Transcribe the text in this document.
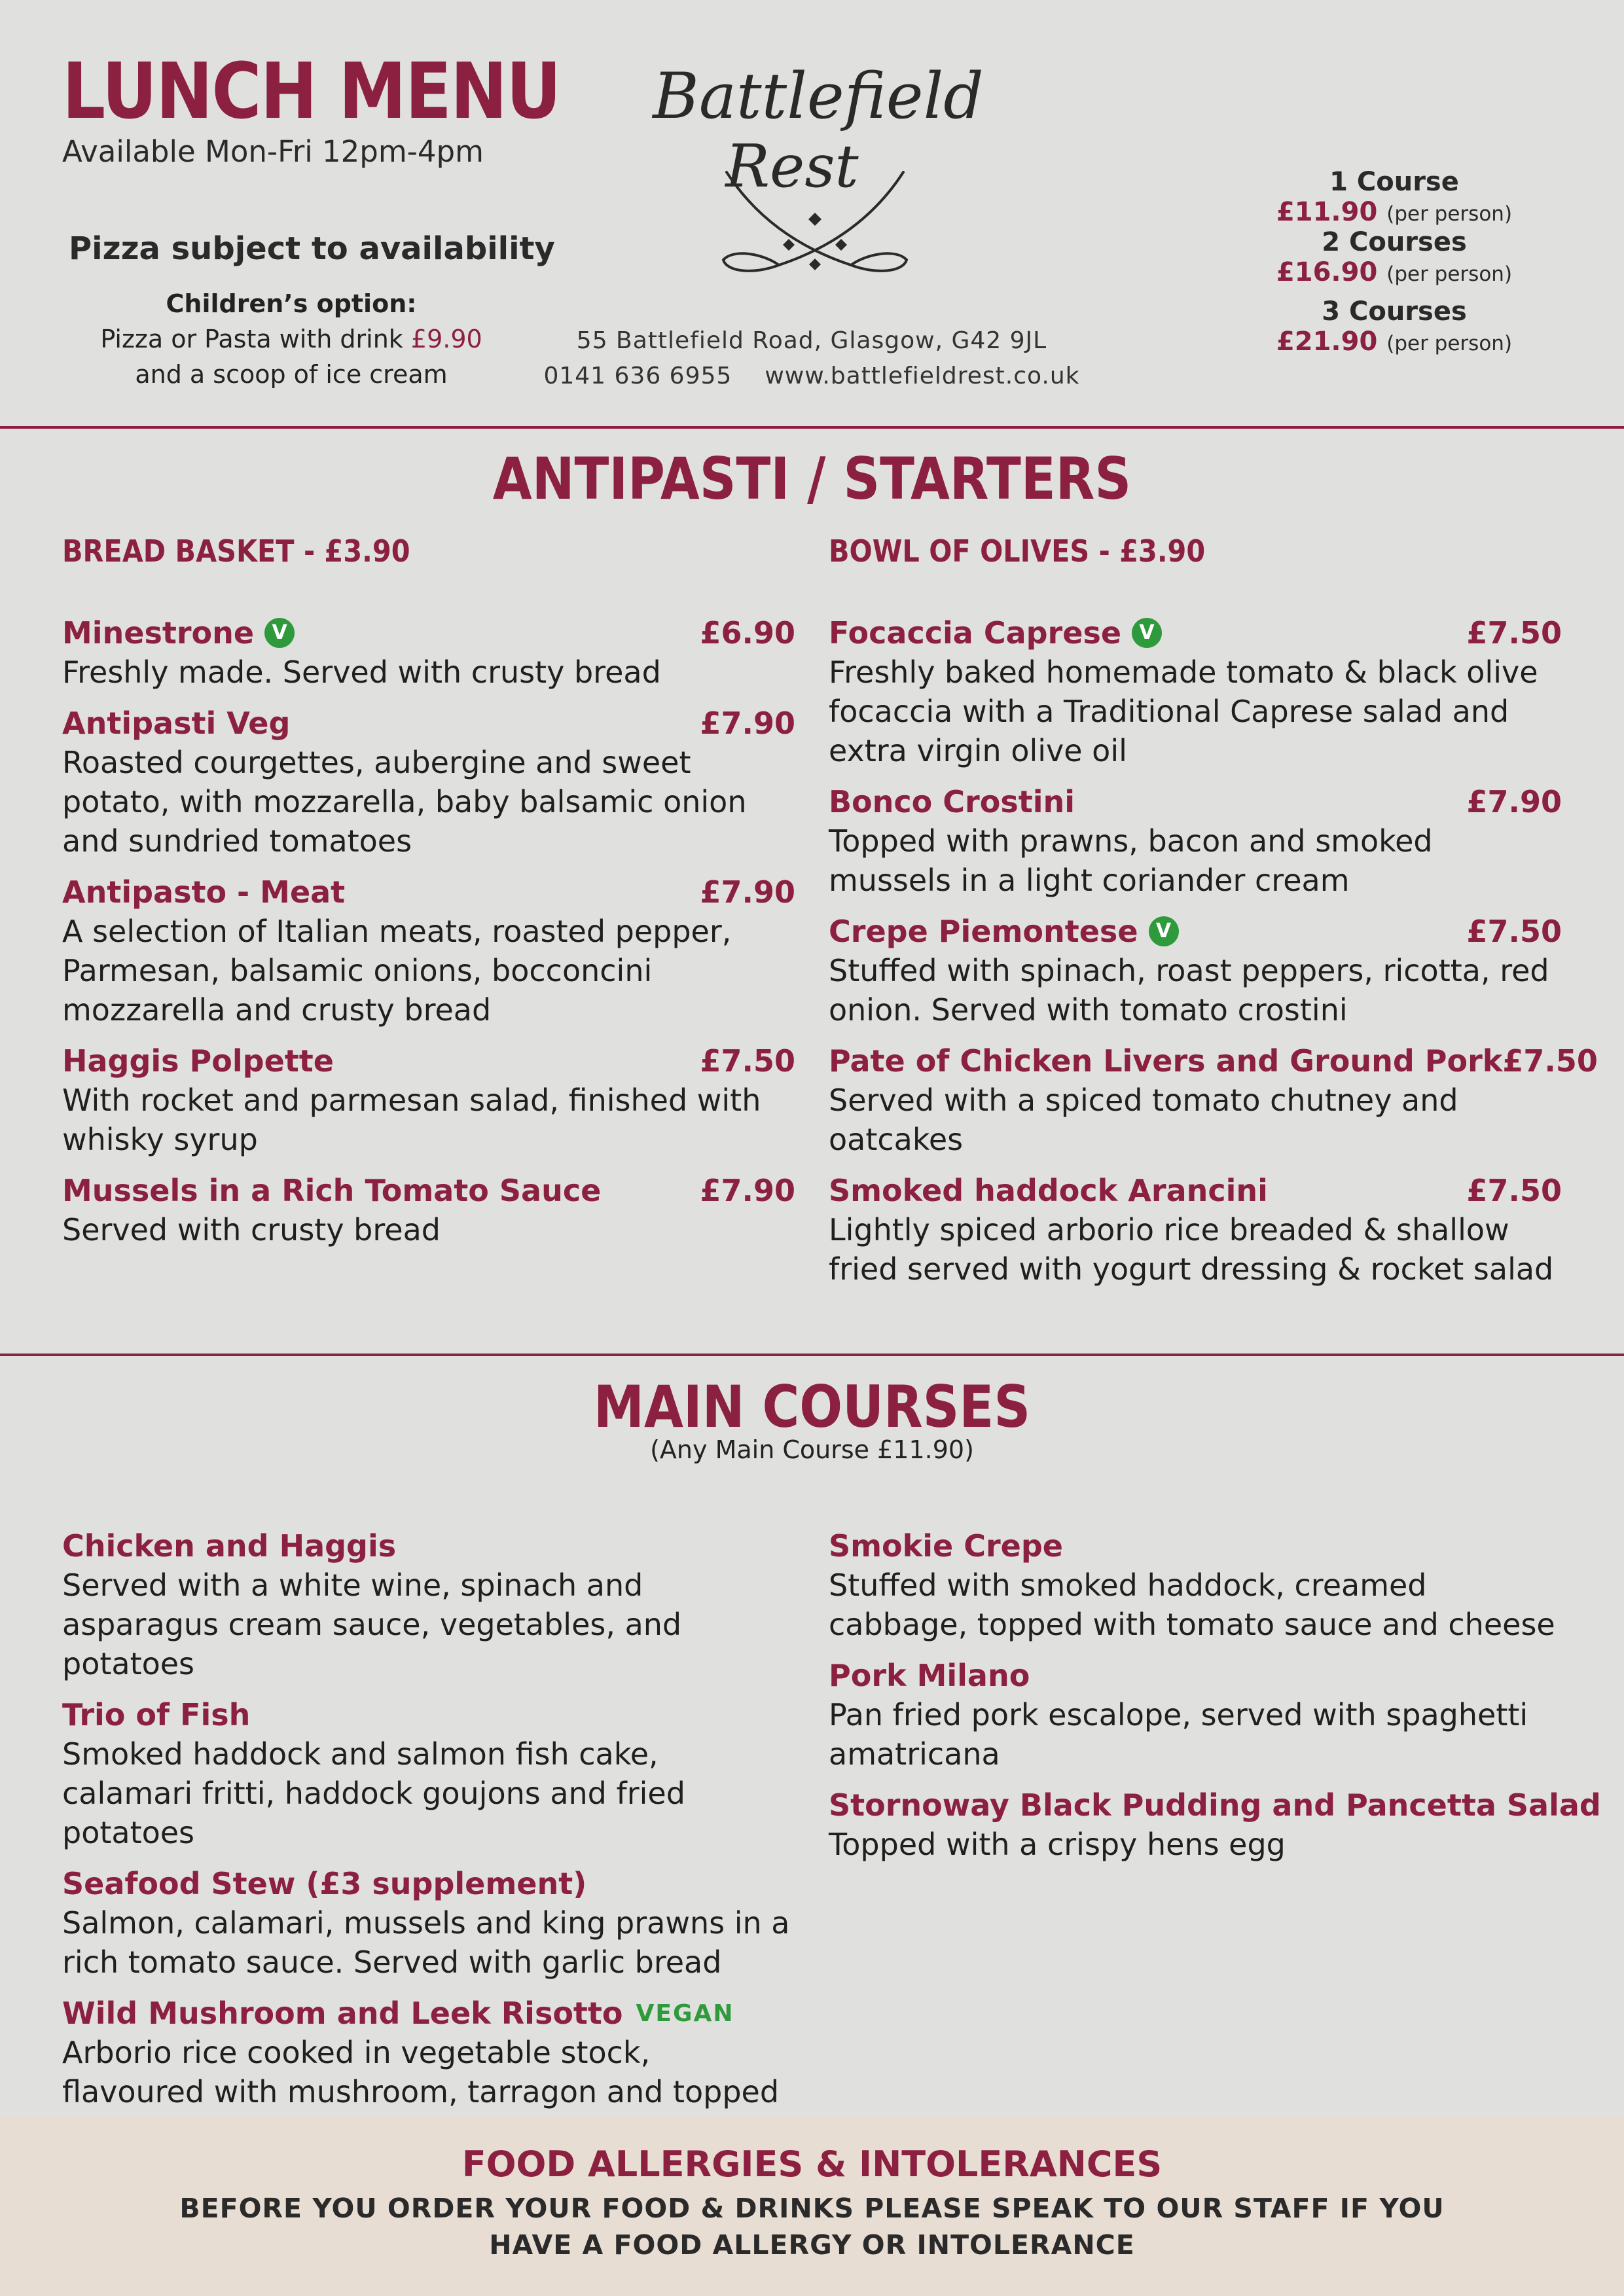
LUNCH MENU
Available Mon-Fri 12pm-4pm
Pizza subject to availability
Children’s option:
Pizza or Pasta with drink £9.90
and a scoop of ice cream
Battlefield
Rest
55 Battlefield Road, Glasgow, G42 9JL
0141 636 6955 www.battlefieldrest.co.uk
1 Course
£11.90 (per person)
2 Courses
£16.90 (per person)
3 Courses
£21.90 (per person)
ANTIPASTI / STARTERS
BREAD BASKET - £3.90	BOWL OF OLIVES - £3.90
Minestrone V	£6.90
Freshly made. Served with crusty bread
Antipasti Veg	£7.90
Roasted courgettes, aubergine and sweet potato, with mozzarella, baby balsamic onion and sundried tomatoes
Antipasto - Meat	£7.90
A selection of Italian meats, roasted pepper, Parmesan, balsamic onions, bocconcini mozzarella and crusty bread
Haggis Polpette	£7.50
With rocket and parmesan salad, finished with whisky syrup
Mussels in a Rich Tomato Sauce	£7.90
Served with crusty bread
Focaccia Caprese V	£7.50
Freshly baked homemade tomato & black olive focaccia with a Traditional Caprese salad and extra virgin olive oil
Bonco Crostini	£7.90
Topped with prawns, bacon and smoked mussels in a light coriander cream
Crepe Piemontese V	£7.50
Stuffed with spinach, roast peppers, ricotta, red onion. Served with tomato crostini
Pate of Chicken Livers and Ground Pork £7.50
Served with a spiced tomato chutney and oatcakes
Smoked haddock Arancini	£7.50
Lightly spiced arborio rice breaded & shallow fried served with yogurt dressing & rocket salad
MAIN COURSES
(Any Main Course £11.90)
Chicken and Haggis
Served with a white wine, spinach and asparagus cream sauce, vegetables, and potatoes
Trio of Fish
Smoked haddock and salmon fish cake, calamari fritti, haddock goujons and fried potatoes
Seafood Stew (£3 supplement)
Salmon, calamari, mussels and king prawns in a rich tomato sauce. Served with garlic bread
Wild Mushroom and Leek Risotto VEGAN
Arborio rice cooked in vegetable stock, flavoured with mushroom, tarragon and topped
Smokie Crepe
Stuffed with smoked haddock, creamed cabbage, topped with tomato sauce and cheese
Pork Milano
Pan fried pork escalope, served with spaghetti amatricana
Stornoway Black Pudding and Pancetta Salad
Topped with a crispy hens egg
FOOD ALLERGIES & INTOLERANCES
BEFORE YOU ORDER YOUR FOOD & DRINKS PLEASE SPEAK TO OUR STAFF IF YOU
HAVE A FOOD ALLERGY OR INTOLERANCE
